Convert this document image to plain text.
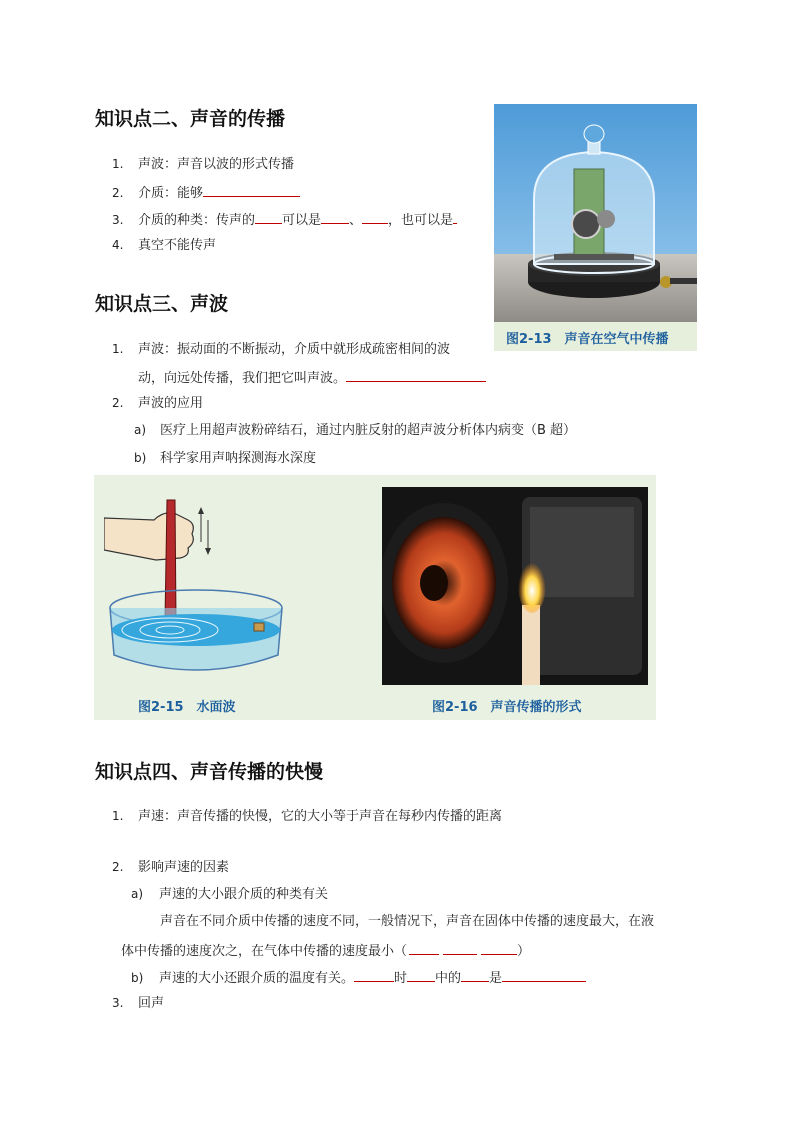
知识点二、声音的传播
1. 声波：声音以波的形式传播
2. 介质：能够
3. 介质的种类：传声的 可以是 、 ，也可以是
4. 真空不能传声
图2-13　声音在空气中传播
知识点三、声波
1. 声波：振动面的不断振动，介质中就形成疏密相间的波
动，向远处传播，我们把它叫声波。
2. 声波的应用
a) 医疗上用超声波粉碎结石，通过内脏反射的超声波分析体内病变（B 超）
b) 科学家用声呐探测海水深度
图2-15　水面波	图2-16　声音传播的形式
知识点四、声音传播的快慢
1. 声速：声音传播的快慢，它的大小等于声音在每秒内传播的距离
2. 影响声速的因素
a) 声速的大小跟介质的种类有关
声音在不同介质中传播的速度不同，一般情况下，声音在固体中传播的速度最大，在液
体中传播的速度次之，在气体中传播的速度最小（	）
b) 声速的大小还跟介质的温度有关。	时 中的 是
3. 回声
